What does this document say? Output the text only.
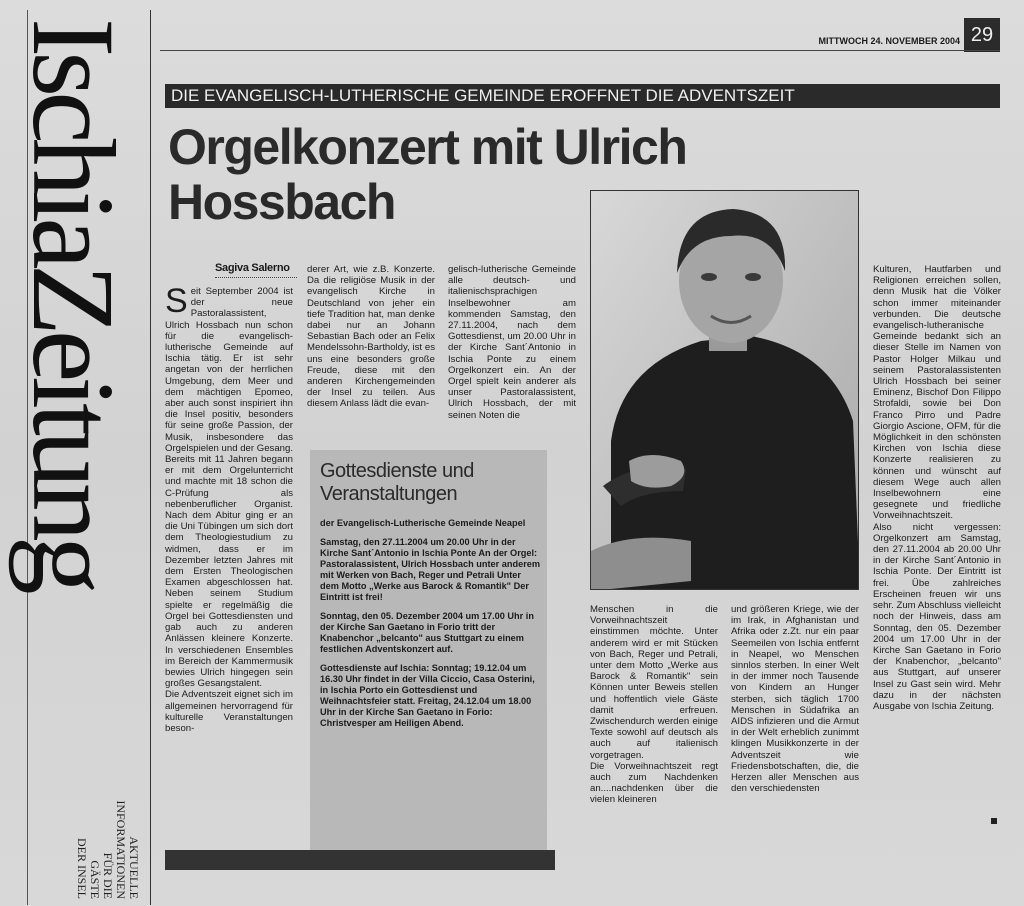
IschiaZeitung
AKTUELLE
INFORMATIONEN
FÜR DIE
GÄSTE
DER INSEL
MITTWOCH 24. NOVEMBER 2004 29
DIE EVANGELISCH-LUTHERISCHE GEMEINDE EROFFNET DIE ADVENTSZEIT
Orgelkonzert mit Ulrich Hossbach
Sagiva Salerno

Seit September 2004 ist der neue Pastoralassistent, Ulrich Hossbach nun schon für die evangelisch- lutherische Gemeinde auf Ischia tätig. Er ist sehr angetan von der herrlichen Umgebung, dem Meer und dem mächtigen Epomeo, aber auch sonst inspiriert ihn die Insel positiv, besonders für seine große Passion, der Musik, insbesondere das Orgelspielen und der Gesang. Bereits mit 11 Jahren begann er mit dem Orgelunterricht und machte mit 18 schon die C-Prüfung als nebenberuflicher Organist. Nach dem Abitur ging er an die Uni Tübingen um sich dort dem Theologiestudium zu widmen, dass er im Dezember letzten Jahres mit dem Ersten Theologischen Examen abgeschlossen hat. Neben seinem Studium spielte er regelmäßig die Orgel bei Gottesdiensten und gab auch zu anderen Anlässen kleinere Konzerte. In verschiedenen Ensembles im Bereich der Kammermusik bewies Ulrich hingegen sein großes Gesangstalent.

Die Adventszeit eignet sich im allgemeinen hervorragend für kulturelle Veranstaltungen beson-

derer Art, wie z.B. Konzerte. Da die religiöse Musik in der evangelisch Kirche in Deutschland von jeher ein tiefe Tradition hat, man denke dabei nur an Johann Sebastian Bach oder an Felix Mendelssohn-Bartholdy, ist es uns eine besonders große Freude, diese mit den anderen Kirchengemeinden der Insel zu teilen. Aus diesem Anlass lädt die evan-

gelisch-lutherische Gemeinde alle deutsch- und italienischsprachigen Inselbewohner am kommenden Samstag, den 27.11.2004, nach dem Gottesdienst, um 20.00 Uhr in der Kirche Sant´Antonio in Ischia Ponte zu einem Orgelkonzert ein. An der Orgel spielt kein anderer als unser Pastoralassistent, Ulrich Hossbach, der mit seinen Noten die

Menschen in die Vorweihnachtszeit einstimmen möchte. Unter anderem wird er mit Stücken von Bach, Reger und Petrali, unter dem Motto „Werke aus Barock & Romantik" sein Können unter Beweis stellen und hoffentlich viele Gäste damit erfreuen. Zwischendurch werden einige Texte sowohl auf deutsch als auch auf italienisch vorgetragen.

Die Vorweihnachtszeit regt auch zum Nachdenken an....nachdenken über die vielen kleineren

und größeren Kriege, wie der im Irak, in Afghanistan und Afrika oder z.Zt. nur ein paar Seemeilen von Ischia entfernt in Neapel, wo Menschen sinnlos sterben. In einer Welt in der immer noch Tausende von Kindern an Hunger sterben, sich täglich 1700 Menschen in Südafrika an AIDS infizieren und die Armut in der Welt erheblich zunimmt klingen Musikkonzerte in der Adventszeit wie Friedensbotschaften, die, die Herzen aller Menschen aus den verschiedensten

Kulturen, Hautfarben und Religionen erreichen sollen, denn Musik hat die Völker schon immer miteinander verbunden. Die deutsche evangelisch-lutheranische Gemeinde bedankt sich an dieser Stelle im Namen von Pastor Holger Milkau und seinem Pastoralassistenten Ulrich Hossbach bei seiner Eminenz, Bischof Don Filippo Strofaldi, sowie bei Don Franco Pirro und Padre Giorgio Ascione, OFM, für die Möglichkeit in den schönsten Kirchen von Ischia diese Konzerte realisieren zu können und wünscht auf diesem Wege auch allen Inselbewohnern eine gesegnete und friedliche Vorweihnachtszeit.

Also nicht vergessen: Orgelkonzert am Samstag, den 27.11.2004 ab 20.00 Uhr in der Kirche Sant´Antonio in Ischia Ponte. Der Eintritt ist frei. Übe zahlreiches Erscheinen freuen wir uns sehr. Zum Abschluss vielleicht noch der Hinweis, dass am Sonntag, den 05. Dezember 2004 um 17.00 Uhr in der Kirche San Gaetano in Forio der Knabenchor, „belcanto" aus Stuttgart, auf unserer Insel zu Gast sein wird. Mehr dazu in der nächsten Ausgabe von Ischia Zeitung.

Gottesdienste und Veranstaltungen

der Evangelisch-Lutherische Gemeinde Neapel

Samstag, den 27.11.2004 um 20.00 Uhr in der Kirche Sant´Antonio in Ischia Ponte An der Orgel: Pastoralassistent, Ulrich Hossbach unter anderem mit Werken von Bach, Reger und Petrali Unter dem Motto „Werke aus Barock & Romantik" Der Eintritt ist frei!

Sonntag, den 05. Dezember 2004 um 17.00 Uhr in der Kirche San Gaetano in Forio tritt der Knabenchor „belcanto" aus Stuttgart zu einem festlichen Adventskonzert auf.

Gottesdienste auf Ischia: Sonntag; 19.12.04 um 16.30 Uhr findet in der Villa Ciccio, Casa Osterini, in Ischia Porto ein Gottesdienst und Weihnachtsfeier statt. Freitag, 24.12.04 um 18.00 Uhr in der Kirche San Gaetano in Forio: Christvesper am Heiligen Abend.
